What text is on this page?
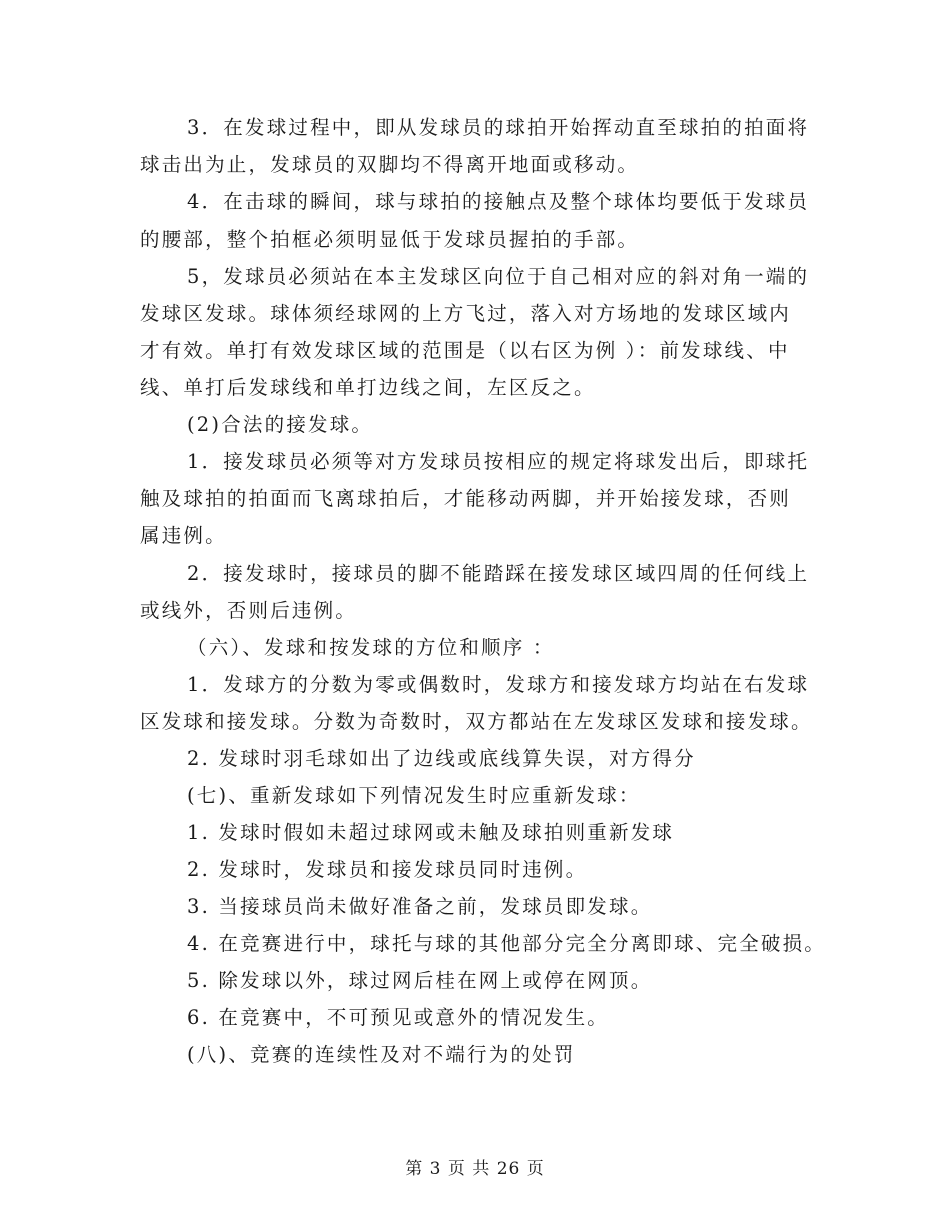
3．在发球过程中，即从发球员的球拍开始挥动直至球拍的拍面将
球击出为止，发球员的双脚均不得离开地面或移动。
4．在击球的瞬间，球与球拍的接触点及整个球体均要低于发球员
的腰部，整个拍框必须明显低于发球员握拍的手部。
5，发球员必须站在本主发球区向位于自己相对应的斜对角一端的
发球区发球。球体须经球网的上方飞过，落入对方场地的发球区域内
才有效。单打有效发球区域的范围是（以右区为例 ）：前发球线、中
线、单打后发球线和单打边线之间，左区反之。
(2)合法的接发球。
1．接发球员必须等对方发球员按相应的规定将球发出后，即球托
触及球拍的拍面而飞离球拍后，才能移动两脚，并开始接发球，否则
属违例。
2．接发球时，接球员的脚不能踏踩在接发球区域四周的任何线上
或线外，否则后违例。
（六）、发球和按发球的方位和顺序 ：
1．发球方的分数为零或偶数时，发球方和接发球方均站在右发球
区发球和接发球。分数为奇数时，双方都站在左发球区发球和接发球。
2. 发球时羽毛球如出了边线或底线算失误，对方得分
(七)、重新发球如下列情况发生时应重新发球：
1. 发球时假如未超过球网或未触及球拍则重新发球
2. 发球时，发球员和接发球员同时违例。
3. 当接球员尚未做好准备之前，发球员即发球。
4. 在竞赛进行中，球托与球的其他部分完全分离即球、完全破损。
5. 除发球以外，球过网后桂在网上或停在网顶。
6. 在竞赛中，不可预见或意外的情况发生。
(八)、竞赛的连续性及对不端行为的处罚
第 3 页 共 26 页
